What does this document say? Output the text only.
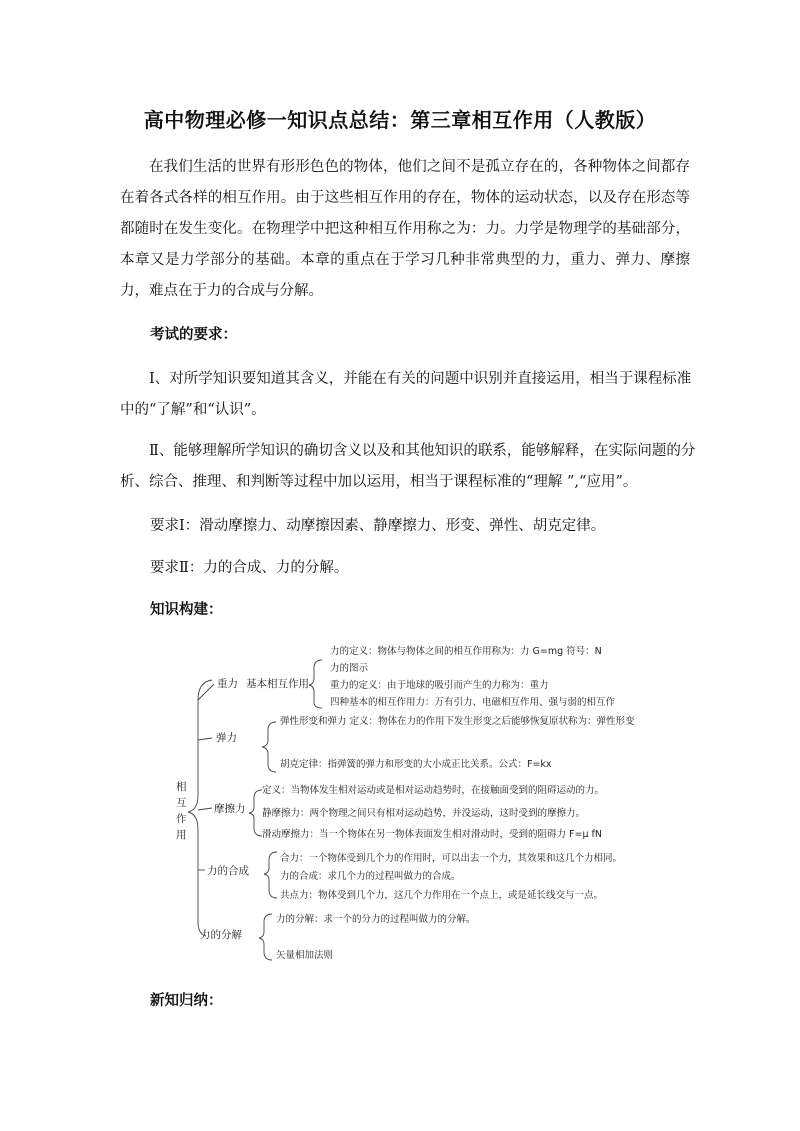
高中物理必修一知识点总结：第三章相互作用（人教版）
在我们生活的世界有形形色色的物体，他们之间不是孤立存在的，各种物体之间都存在着各式各样的相互作用。由于这些相互作用的存在，物体的运动状态，以及存在形态等都随时在发生变化。在物理学中把这种相互作用称之为：力。力学是物理学的基础部分，本章又是力学部分的基础。本章的重点在于学习几种非常典型的力，重力、弹力、摩擦力，难点在于力的合成与分解。
考试的要求：
Ⅰ、对所学知识要知道其含义，并能在有关的问题中识别并直接运用，相当于课程标准中的“了解”和“认识”。
Ⅱ、能够理解所学知识的确切含义以及和其他知识的联系，能够解释，在实际问题的分析、综合、推理、和判断等过程中加以运用，相当于课程标准的“理解 ”,“应用”。
要求Ⅰ：滑动摩擦力、动摩擦因素、静摩擦力、形变、弹性、胡克定律。
要求Ⅱ：力的合成、力的分解。
知识构建：
相
互
作
用
重力 基本相互作用
力的定义：物体与物体之间的相互作用称为：力 G=mg 符号：N
力的图示
重力的定义：由于地球的吸引而产生的力称为：重力
四种基本的相互作用力：万有引力、电磁相互作用、强与弱的相互作
弹力
弹性形变和弹力 定义：物体在力的作用下发生形变之后能够恢复原状称为：弹性形变
胡克定律：指弹簧的弹力和形变的大小成正比关系。公式：F=kx
摩擦力
定义：当物体发生相对运动或是相对运动趋势时，在接触面受到的阻碍运动的力。
静摩擦力：两个物理之间只有相对运动趋势，并没运动，这时受到的摩擦力。
滑动摩擦力：当一个物体在另一物体表面发生相对滑动时，受到的阻碍力 F=μ fN
力的合成
合力：一个物体受到几个力的作用时，可以出去一个力，其效果和这几个力相同。
力的合成：求几个力的过程叫做力的合成。
共点力：物体受到几个力，这几个力作用在一个点上，或是延长线交与一点。
力的分解
力的分解：求一个的分力的过程叫做力的分解。
矢量相加法则
新知归纳：
